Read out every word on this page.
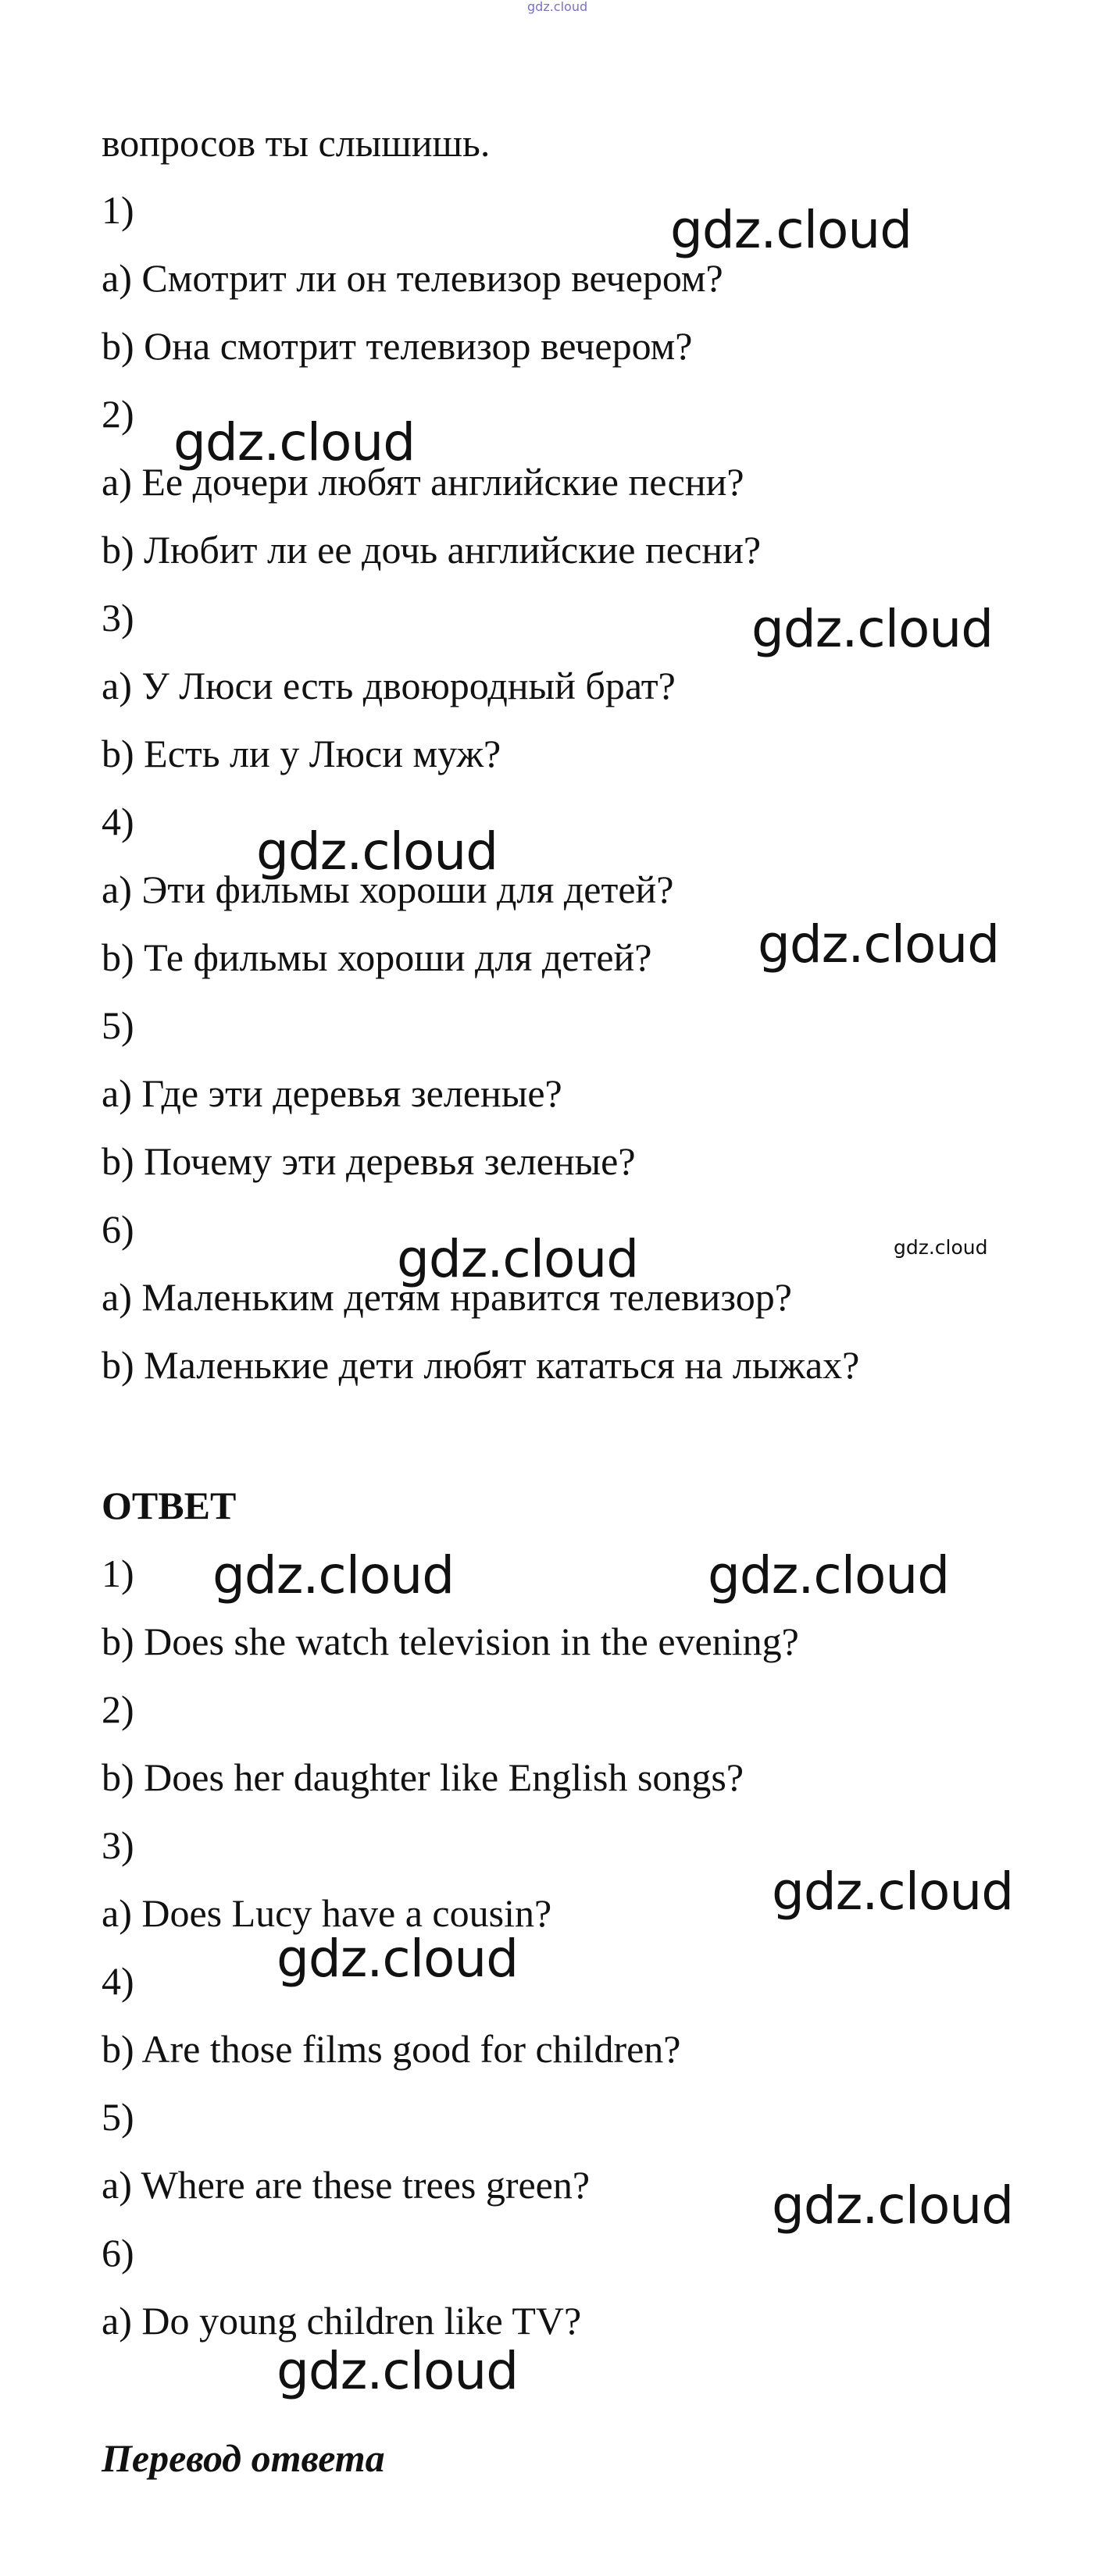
gdz.cloud
вопросов ты слышишь.
1)
a) Смотрит ли он телевизор вечером?
b) Она смотрит телевизор вечером?
2)
a) Ее дочери любят английские песни?
b) Любит ли ее дочь английские песни?
3)
a) У Люси есть двоюродный брат?
b) Есть ли у Люси муж?
4)
a) Эти фильмы хороши для детей?
b) Те фильмы хороши для детей?
5)
a) Где эти деревья зеленые?
b) Почему эти деревья зеленые?
6)
a) Маленьким детям нравится телевизор?
b) Маленькие дети любят кататься на лыжах?
ОТВЕТ
1)
b) Does she watch television in the evening?
2)
b) Does her daughter like English songs?
3)
a) Does Lucy have a cousin?
4)
b) Are those films good for children?
5)
a) Where are these trees green?
6)
a) Do young children like TV?
Перевод ответа
gdz.cloud
gdz.cloud
gdz.cloud
gdz.cloud
gdz.cloud
gdz.cloud
gdz.cloud	gdz.cloud
gdz.cloud
gdz.cloud
gdz.cloud
gdz.cloud
gdz.cloud
